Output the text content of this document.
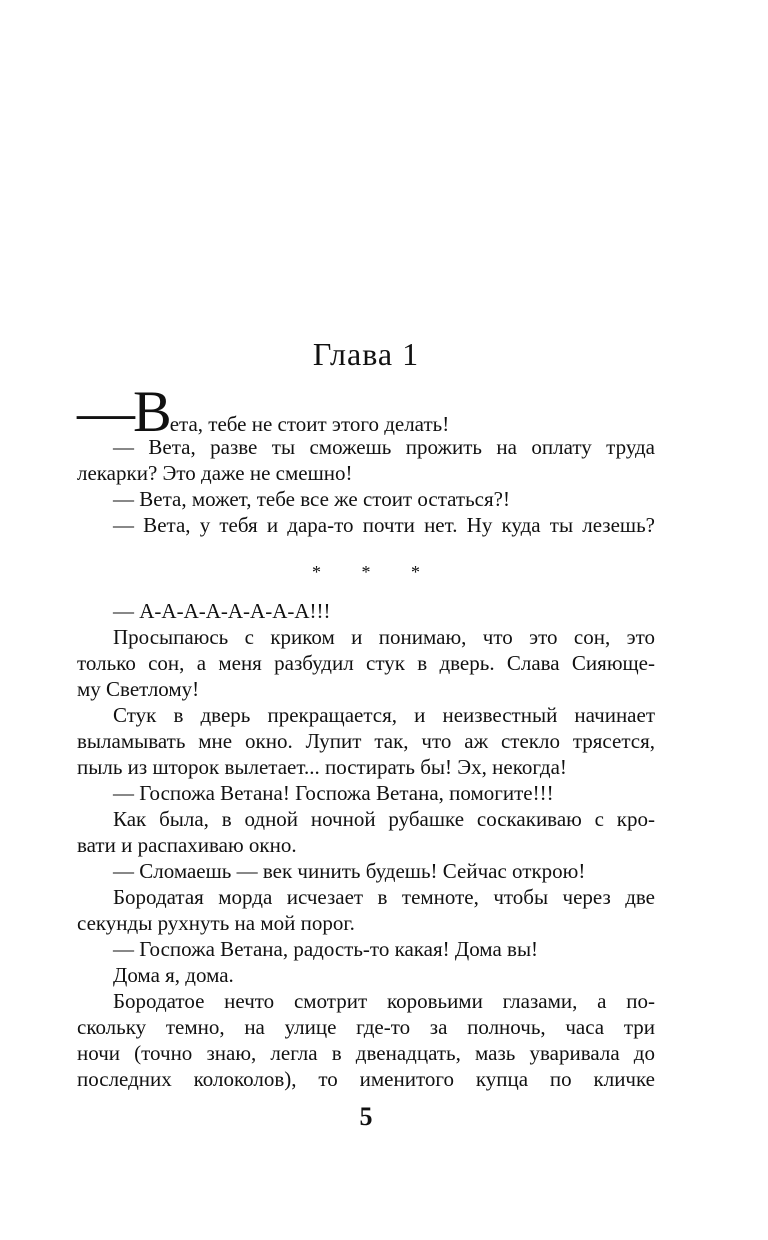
Глава 1
—Вета, тебе не стоит этого делать!
— Вета, разве ты сможешь прожить на оплату труда
лекарки? Это даже не смешно!
— Вета, может, тебе все же стоит остаться?!
— Вета, у тебя и дара-то почти нет. Ну куда ты лезешь?
* * *
— А-А-А-А-А-А-А-А!!!
Просыпаюсь с криком и понимаю, что это сон, это
только сон, а меня разбудил стук в дверь. Слава Сияюще-
му Светлому!
Стук в дверь прекращается, и неизвестный начинает
выламывать мне окно. Лупит так, что аж стекло трясется,
пыль из шторок вылетает... постирать бы! Эх, некогда!
— Госпожа Ветана! Госпожа Ветана, помогите!!!
Как была, в одной ночной рубашке соскакиваю с кро-
вати и распахиваю окно.
— Сломаешь — век чинить будешь! Сейчас открою!
Бородатая морда исчезает в темноте, чтобы через две
секунды рухнуть на мой порог.
— Госпожа Ветана, радость-то какая! Дома вы!
Дома я, дома.
Бородатое нечто смотрит коровьими глазами, а по-
скольку темно, на улице где-то за полночь, часа три
ночи (точно знаю, легла в двенадцать, мазь уваривала до
последних колоколов), то именитого купца по кличке
5
